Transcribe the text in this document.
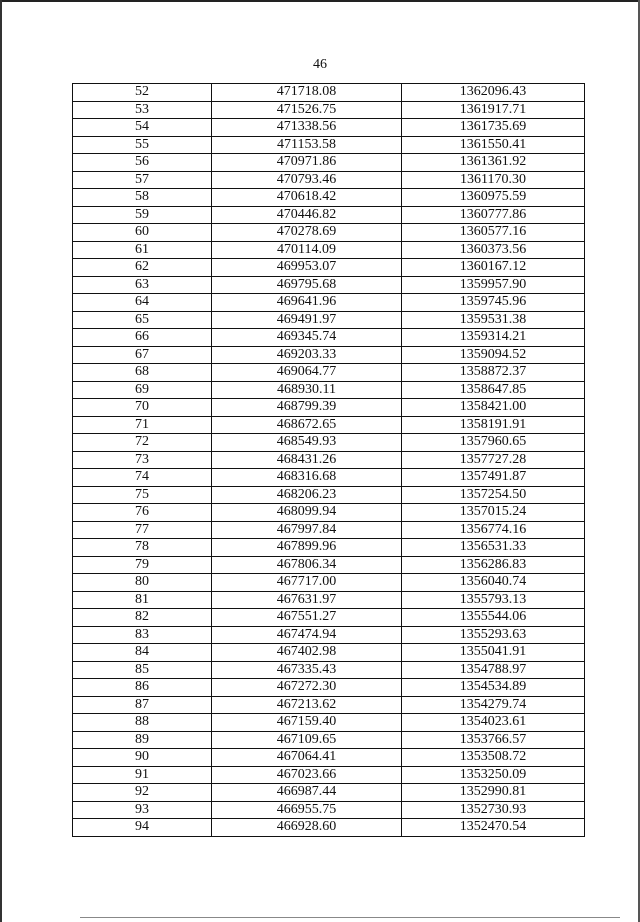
46
52	471718.08	1362096.43
53	471526.75	1361917.71
54	471338.56	1361735.69
55	471153.58	1361550.41
56	470971.86	1361361.92
57	470793.46	1361170.30
58	470618.42	1360975.59
59	470446.82	1360777.86
60	470278.69	1360577.16
61	470114.09	1360373.56
62	469953.07	1360167.12
63	469795.68	1359957.90
64	469641.96	1359745.96
65	469491.97	1359531.38
66	469345.74	1359314.21
67	469203.33	1359094.52
68	469064.77	1358872.37
69	468930.11	1358647.85
70	468799.39	1358421.00
71	468672.65	1358191.91
72	468549.93	1357960.65
73	468431.26	1357727.28
74	468316.68	1357491.87
75	468206.23	1357254.50
76	468099.94	1357015.24
77	467997.84	1356774.16
78	467899.96	1356531.33
79	467806.34	1356286.83
80	467717.00	1356040.74
81	467631.97	1355793.13
82	467551.27	1355544.06
83	467474.94	1355293.63
84	467402.98	1355041.91
85	467335.43	1354788.97
86	467272.30	1354534.89
87	467213.62	1354279.74
88	467159.40	1354023.61
89	467109.65	1353766.57
90	467064.41	1353508.72
91	467023.66	1353250.09
92	466987.44	1352990.81
93	466955.75	1352730.93
94	466928.60	1352470.54
